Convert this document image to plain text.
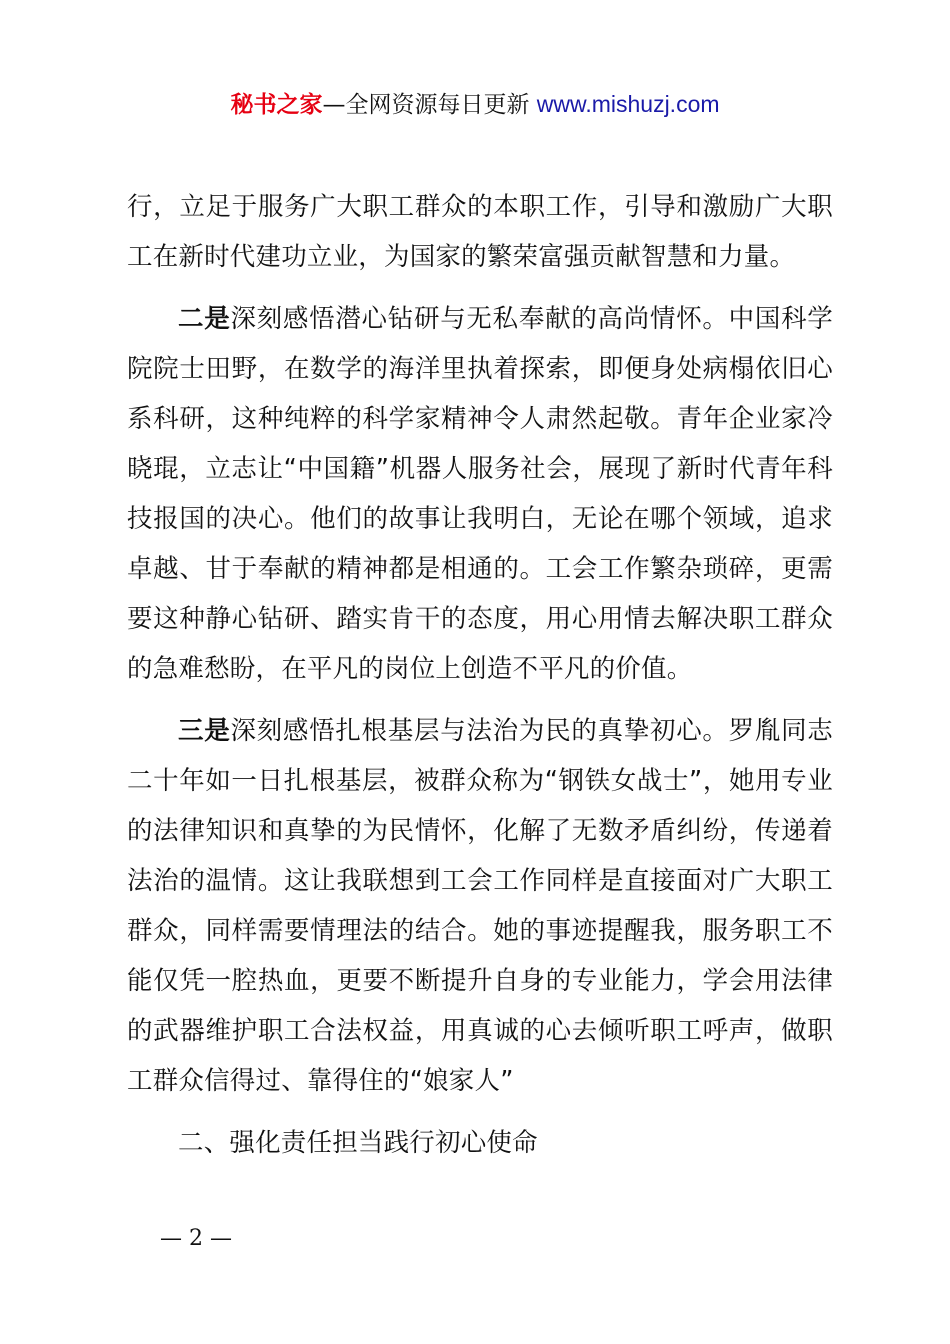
秘书之家—全网资源每日更新 www.mishuzj.com

行，立足于服务广大职工群众的本职工作，引导和激励广大职工在新时代建功立业，为国家的繁荣富强贡献智慧和力量。

二是深刻感悟潜心钻研与无私奉献的高尚情怀。中国科学院院士田野，在数学的海洋里执着探索，即便身处病榻依旧心系科研，这种纯粹的科学家精神令人肃然起敬。青年企业家冷晓琨，立志让“中国籍”机器人服务社会，展现了新时代青年科技报国的决心。他们的故事让我明白，无论在哪个领域，追求卓越、甘于奉献的精神都是相通的。工会工作繁杂琐碎，更需要这种静心钻研、踏实肯干的态度，用心用情去解决职工群众的急难愁盼，在平凡的岗位上创造不平凡的价值。

三是深刻感悟扎根基层与法治为民的真挚初心。罗胤同志二十年如一日扎根基层，被群众称为“钢铁女战士”，她用专业的法律知识和真挚的为民情怀，化解了无数矛盾纠纷，传递着法治的温情。这让我联想到工会工作同样是直接面对广大职工群众，同样需要情理法的结合。她的事迹提醒我，服务职工不能仅凭一腔热血，更要不断提升自身的专业能力，学会用法律的武器维护职工合法权益，用真诚的心去倾听职工呼声，做职工群众信得过、靠得住的“娘家人”

二、强化责任担当践行初心使命

— 2 —
